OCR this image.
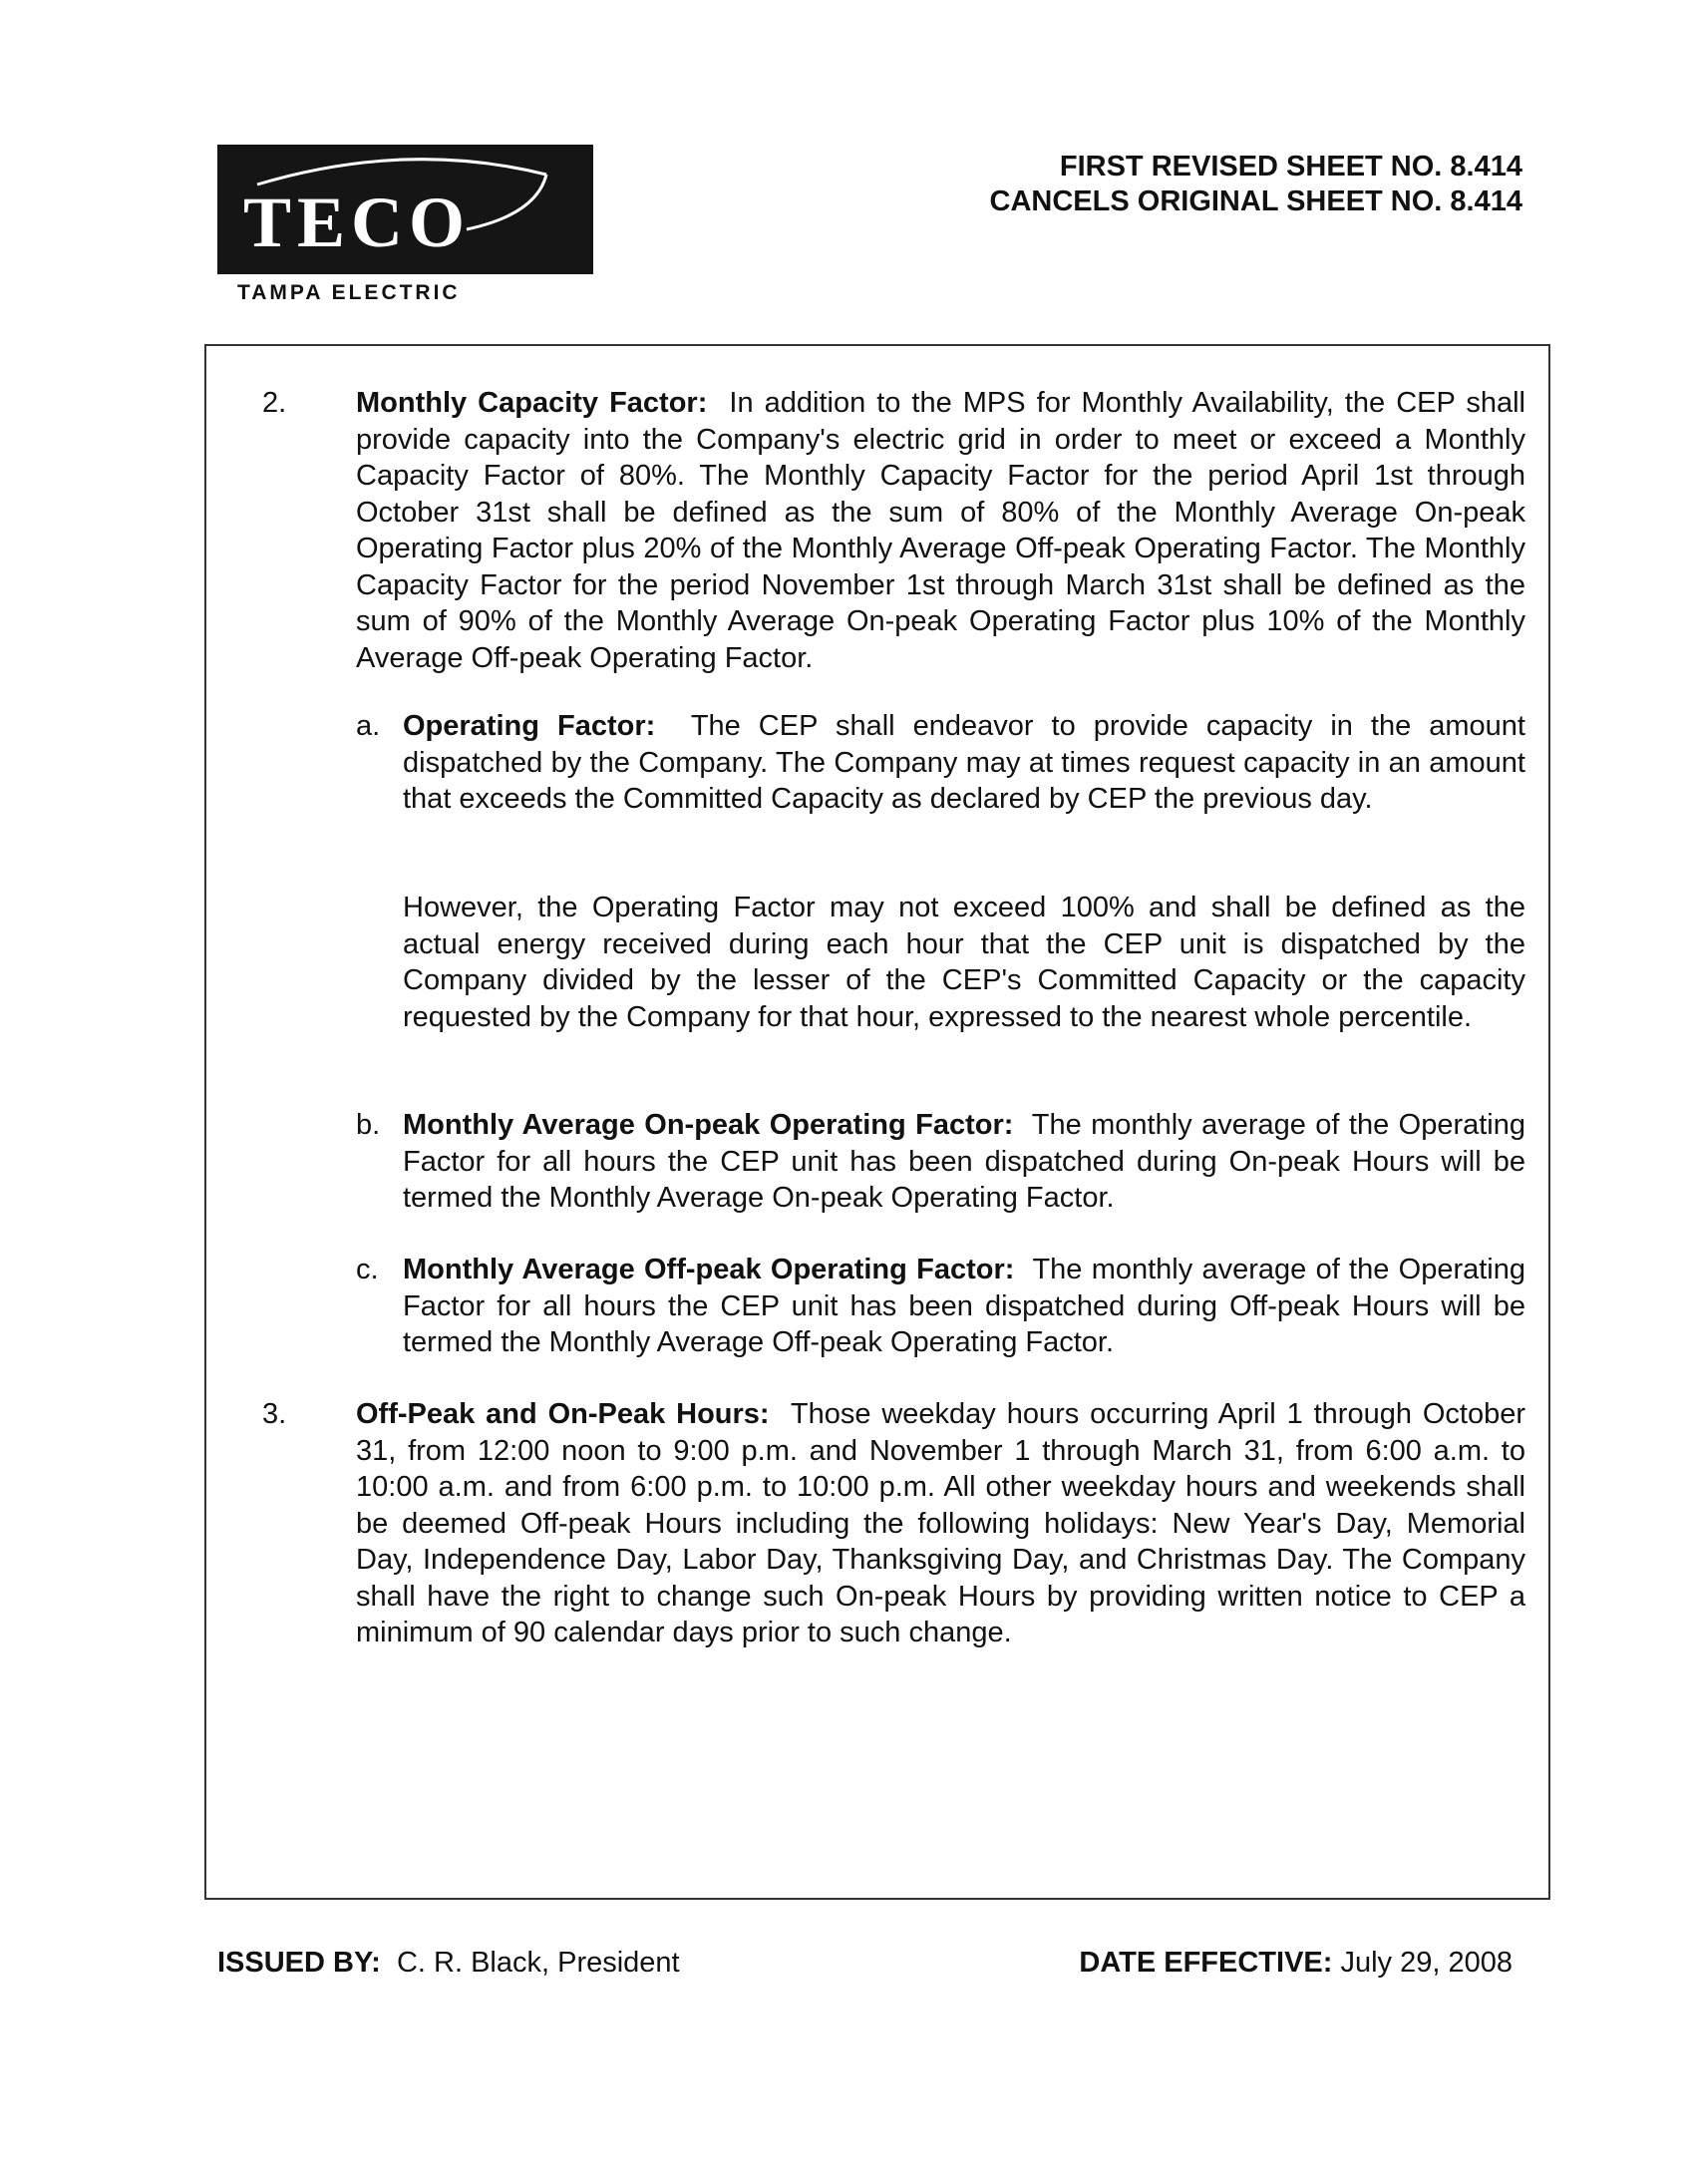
TECO
TAMPA ELECTRIC
FIRST REVISED SHEET NO. 8.414
CANCELS ORIGINAL SHEET NO. 8.414
2. Monthly Capacity Factor: In addition to the MPS for Monthly Availability, the CEP shall provide capacity into the Company's electric grid in order to meet or exceed a Monthly Capacity Factor of 80%. The Monthly Capacity Factor for the period April 1st through October 31st shall be defined as the sum of 80% of the Monthly Average On-peak Operating Factor plus 20% of the Monthly Average Off-peak Operating Factor. The Monthly Capacity Factor for the period November 1st through March 31st shall be defined as the sum of 90% of the Monthly Average On-peak Operating Factor plus 10% of the Monthly Average Off-peak Operating Factor.
a. Operating Factor: The CEP shall endeavor to provide capacity in the amount dispatched by the Company. The Company may at times request capacity in an amount that exceeds the Committed Capacity as declared by CEP the previous day.
However, the Operating Factor may not exceed 100% and shall be defined as the actual energy received during each hour that the CEP unit is dispatched by the Company divided by the lesser of the CEP's Committed Capacity or the capacity requested by the Company for that hour, expressed to the nearest whole percentile.
b. Monthly Average On-peak Operating Factor: The monthly average of the Operating Factor for all hours the CEP unit has been dispatched during On-peak Hours will be termed the Monthly Average On-peak Operating Factor.
c. Monthly Average Off-peak Operating Factor: The monthly average of the Operating Factor for all hours the CEP unit has been dispatched during Off-peak Hours will be termed the Monthly Average Off-peak Operating Factor.
3. Off-Peak and On-Peak Hours: Those weekday hours occurring April 1 through October 31, from 12:00 noon to 9:00 p.m. and November 1 through March 31, from 6:00 a.m. to 10:00 a.m. and from 6:00 p.m. to 10:00 p.m. All other weekday hours and weekends shall be deemed Off-peak Hours including the following holidays: New Year's Day, Memorial Day, Independence Day, Labor Day, Thanksgiving Day, and Christmas Day. The Company shall have the right to change such On-peak Hours by providing written notice to CEP a minimum of 90 calendar days prior to such change.
ISSUED BY: C. R. Black, President	DATE EFFECTIVE: July 29, 2008
